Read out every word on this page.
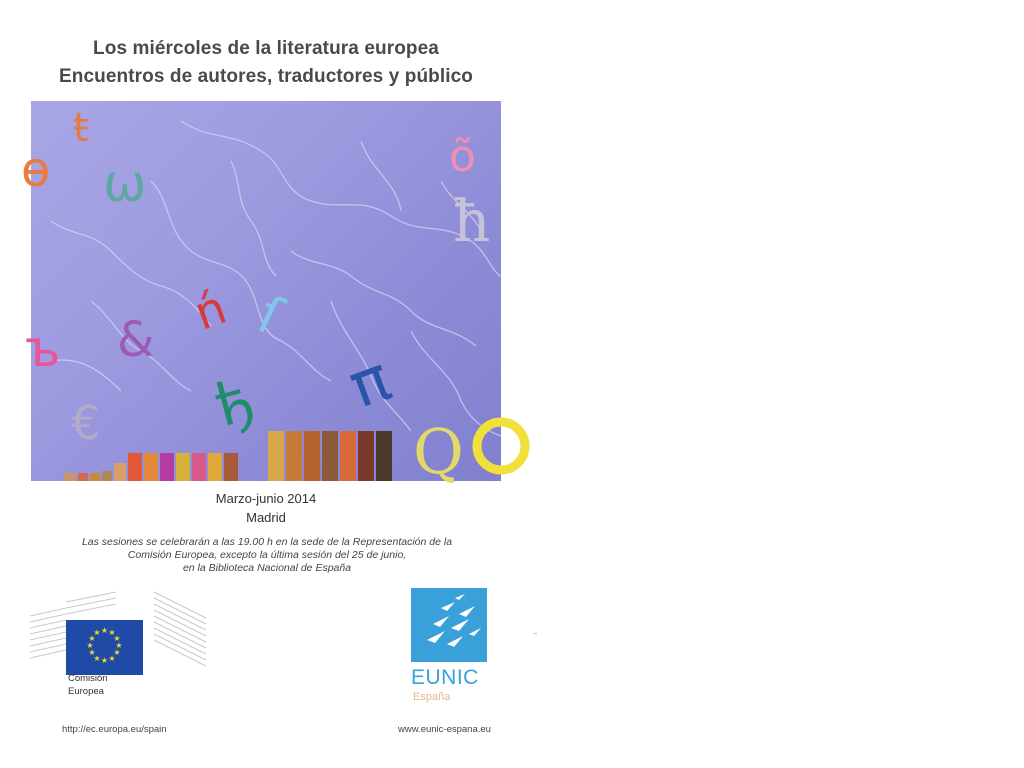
Los miércoles de la literatura europea
Encuentros de autores, traductores y público
ŧ
ө ω	õ
ħ
ъ & ń ſ
ђ π
€	Q
Marzo-junio 2014
Madrid
Las sesiones se celebrarán a las 19.00 h en la sede de la Representación de la
Comisión Europea, excepto la última sesión del 25 de junio,
en la Biblioteca Nacional de España
★ ★
★
★
★
★
★
★
★
★
★
★
Comisión
Europea
EUNIC
España
http://ec.europa.eu/spain	www.eunic-espana.eu
